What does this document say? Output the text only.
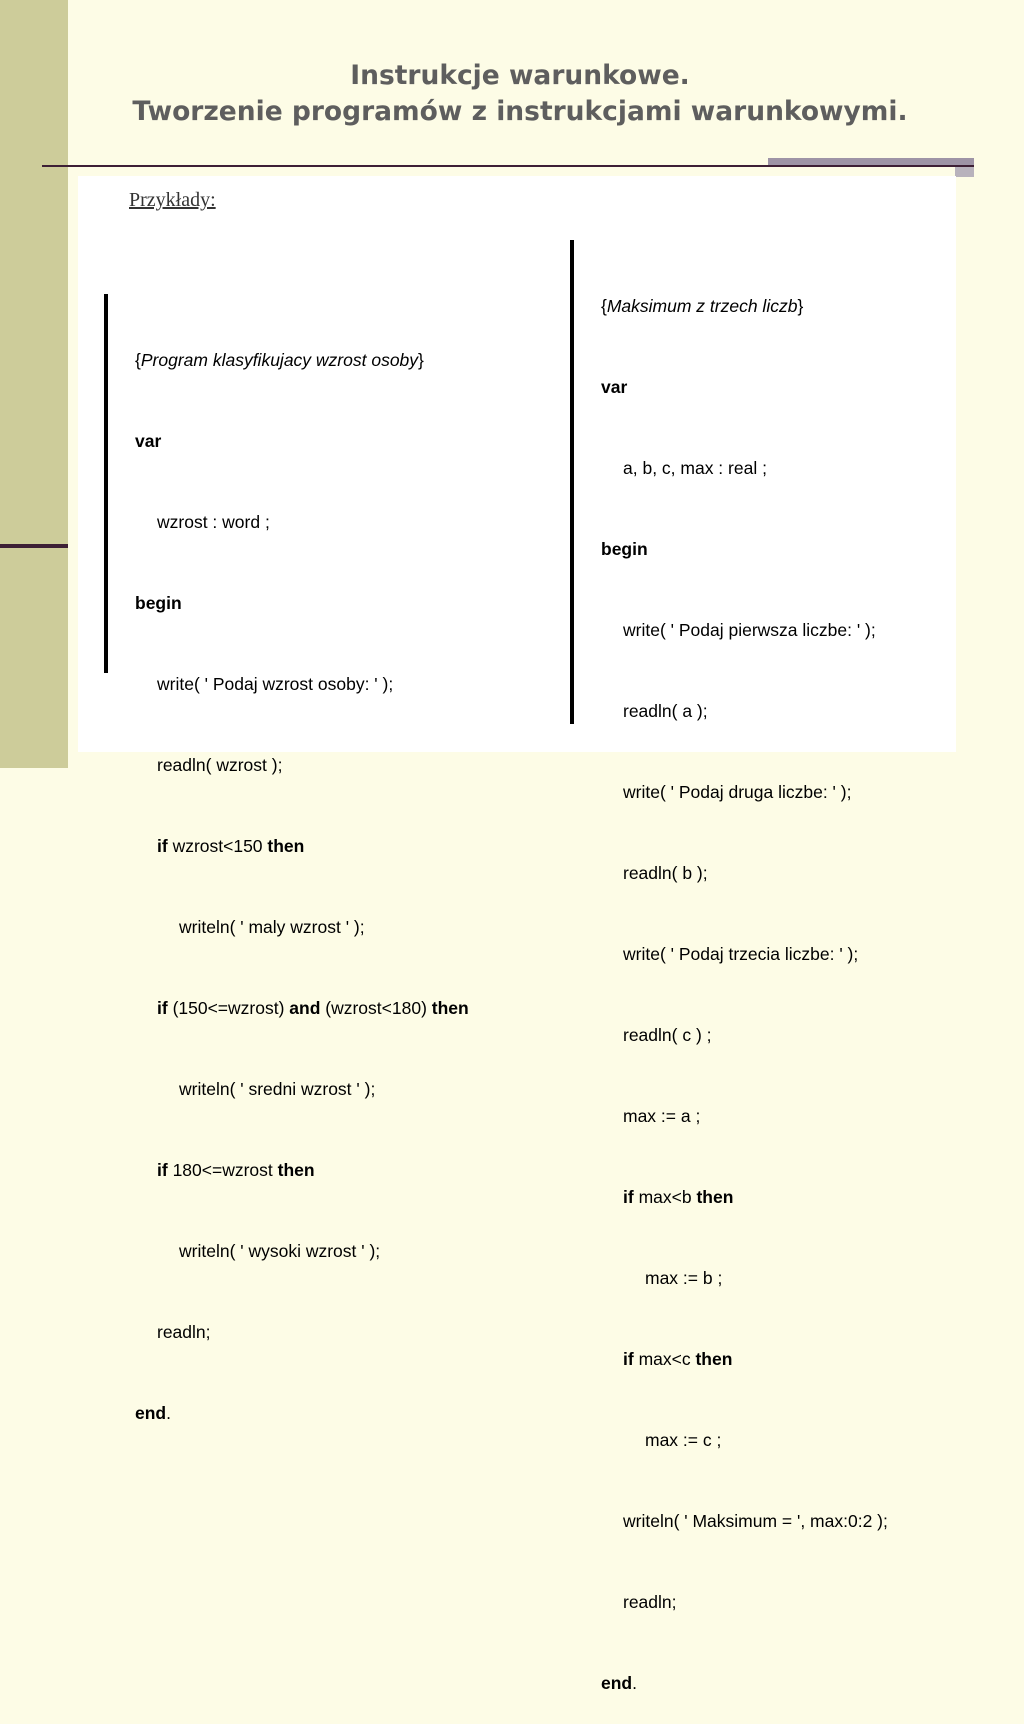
Instrukcje warunkowe.
Tworzenie programów z instrukcjami warunkowymi.
Przykłady:

{Program klasyfikujacy wzrost osoby}

var

wzrost : word ;

begin

write( ' Podaj wzrost osoby: ' );

readln( wzrost );

if wzrost<150 then

writeln( ' maly wzrost ' );

if (150<=wzrost) and (wzrost<180) then

writeln( ' sredni wzrost ' );

if 180<=wzrost then

writeln( ' wysoki wzrost ' );

readln;

end.

{Maksimum z trzech liczb}

var

a, b, c, max : real ;

begin

write( ' Podaj pierwsza liczbe: ' );

readln( a );

write( ' Podaj druga liczbe: ' );

readln( b );

write( ' Podaj trzecia liczbe: ' );

readln( c ) ;

max := a ;

if max<b then

max := b ;

if max<c then

max := c ;

writeln( ' Maksimum = ', max:0:2 );

readln;

end.
